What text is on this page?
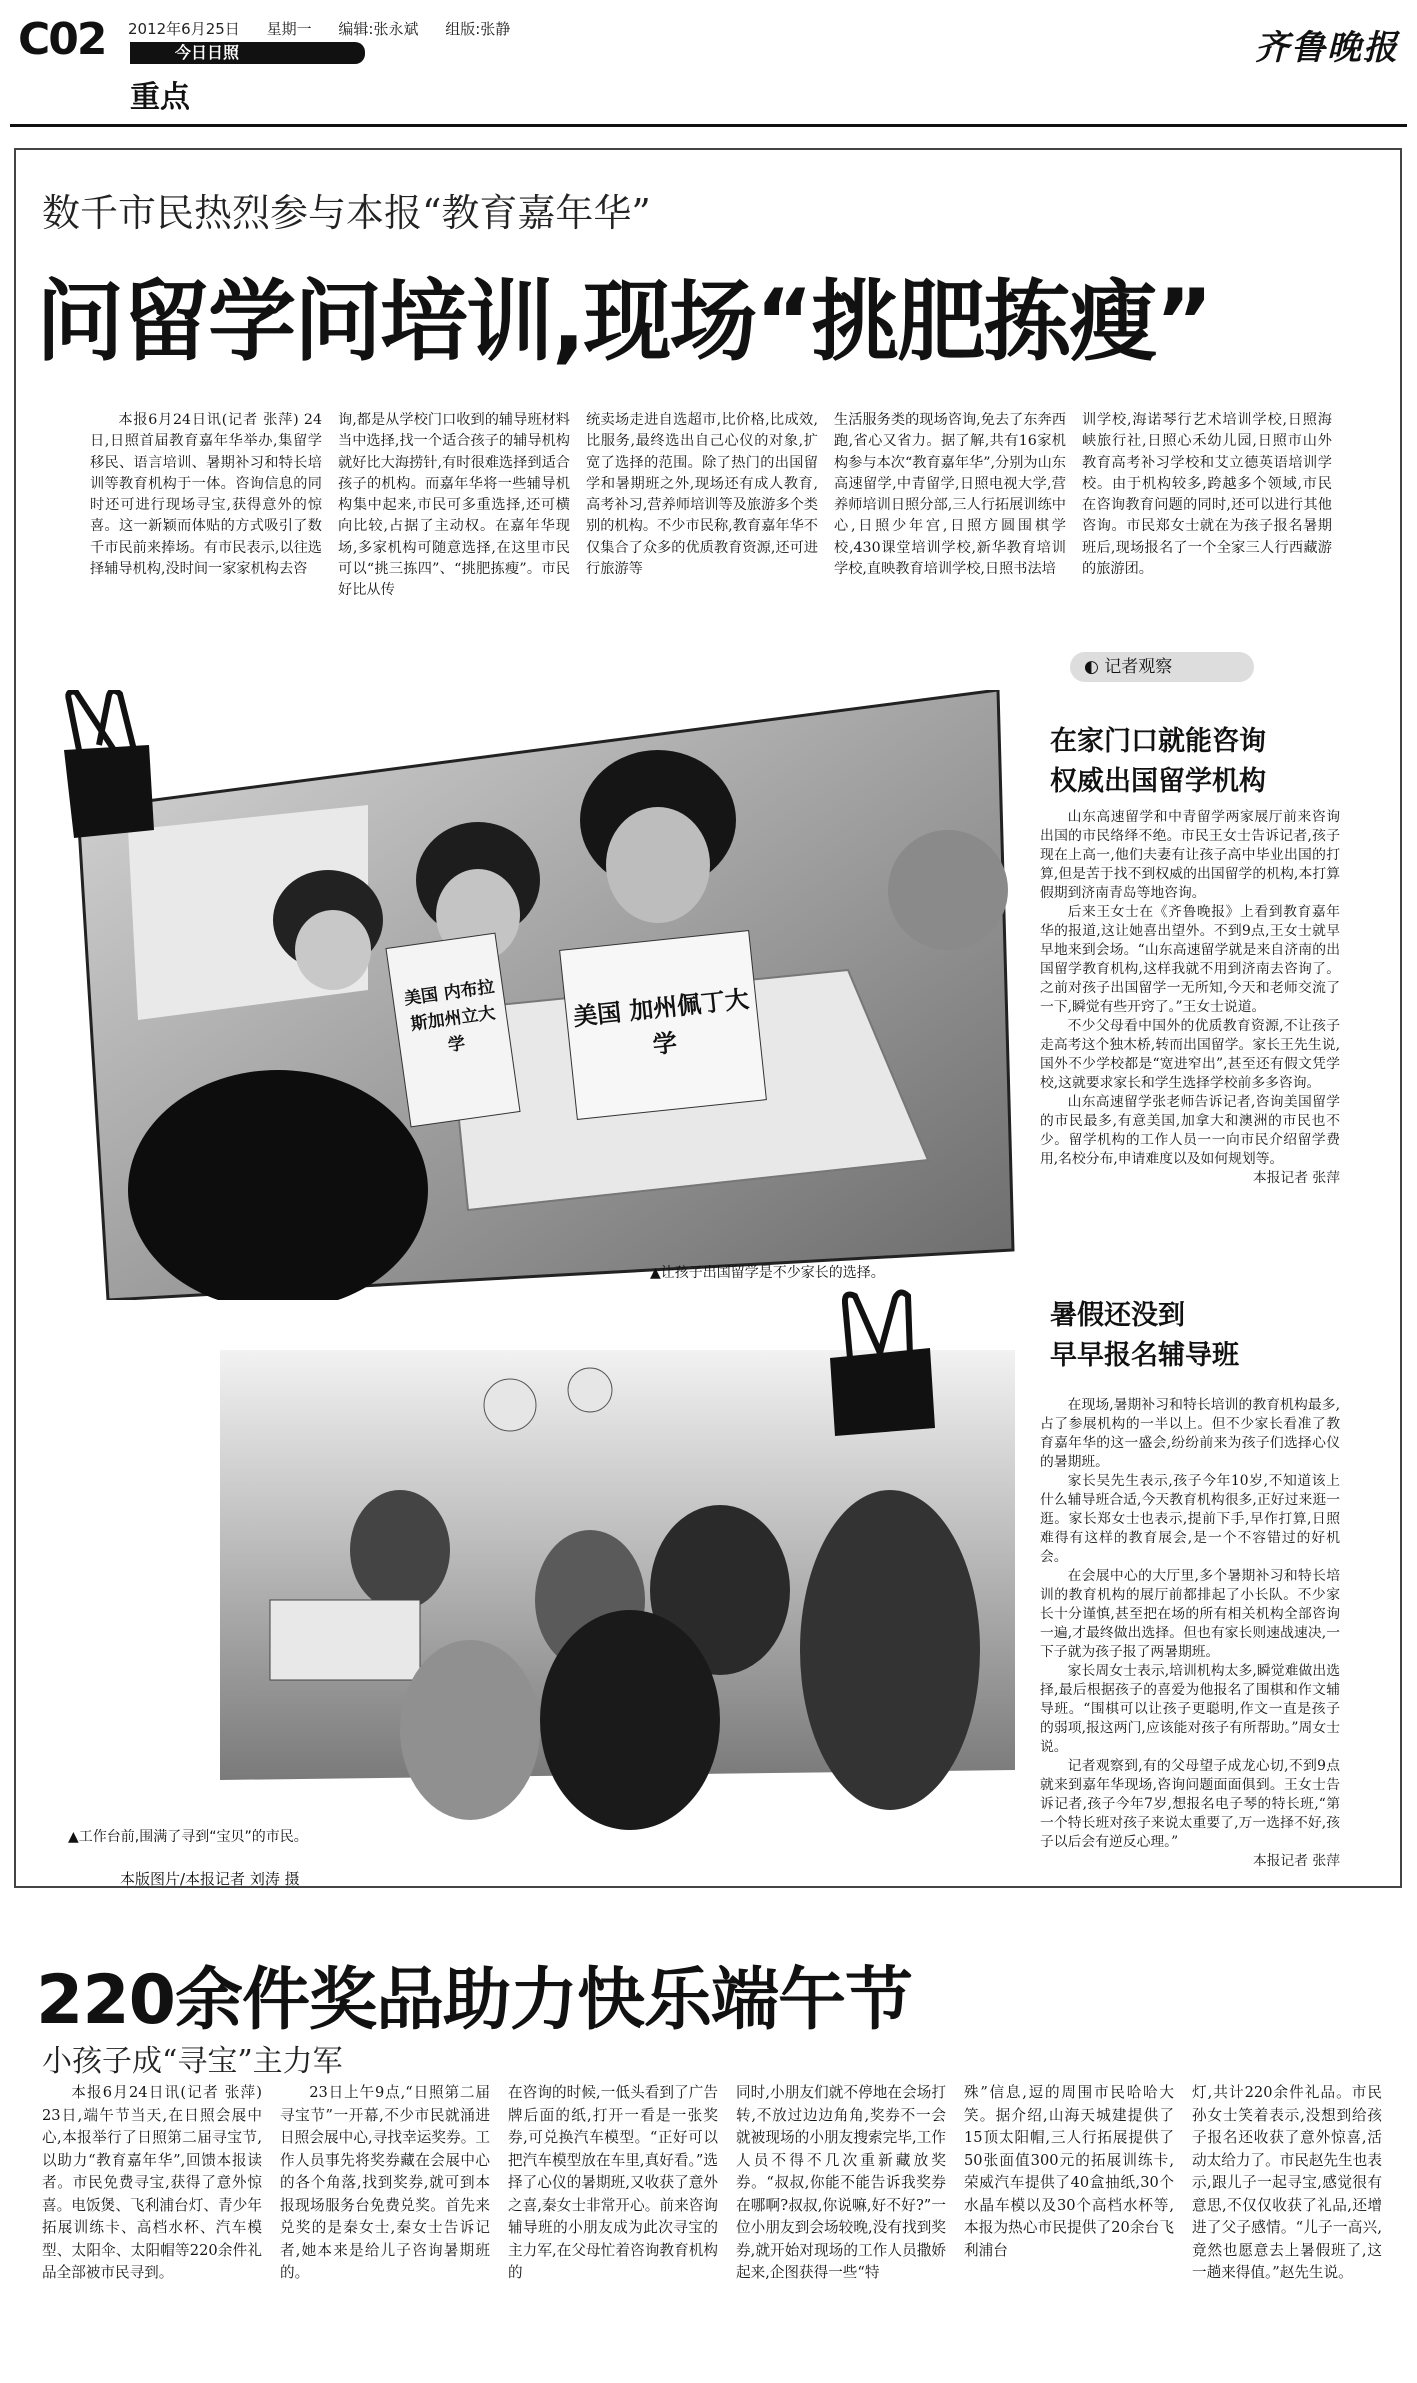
C02 2012年6月25日 星期一 编辑:张永斌 组版:张静
今日日照
重点
齐鲁晚报
数千市民热烈参与本报“教育嘉年华”
问留学问培训,现场“挑肥拣瘦”

本报6月24日讯(记者 张萍) 24日,日照首届教育嘉年华举办,集留学移民、语言培训、暑期补习和特长培训等教育机构于一体。咨询信息的同时还可进行现场寻宝,获得意外的惊喜。这一新颖而体贴的方式吸引了数千市民前来捧场。有市民表示,以往选择辅导机构,没时间一家家机构去咨

询,都是从学校门口收到的辅导班材料当中选择,找一个适合孩子的辅导机构就好比大海捞针,有时很难选择到适合孩子的机构。而嘉年华将一些辅导机构集中起来,市民可多重选择,还可横向比较,占据了主动权。在嘉年华现场,多家机构可随意选择,在这里市民可以“挑三拣四”、“挑肥拣瘦”。市民好比从传

统卖场走进自选超市,比价格,比成效,比服务,最终选出自己心仪的对象,扩宽了选择的范围。除了热门的出国留学和暑期班之外,现场还有成人教育,高考补习,营养师培训等及旅游多个类别的机构。不少市民称,教育嘉年华不仅集合了众多的优质教育资源,还可进行旅游等

生活服务类的现场咨询,免去了东奔西跑,省心又省力。据了解,共有16家机构参与本次“教育嘉年华”,分别为山东高速留学,中青留学,日照电视大学,营养师培训日照分部,三人行拓展训练中心,日照少年宫,日照方圆围棋学校,430课堂培训学校,新华教育培训学校,直映教育培训学校,日照书法培

训学校,海诺琴行艺术培训学校,日照海峡旅行社,日照心禾幼儿园,日照市山外教育高考补习学校和艾立德英语培训学校。由于机构较多,跨越多个领域,市民在咨询教育问题的同时,还可以进行其他咨询。市民郑女士就在为孩子报名暑期班后,现场报名了一个全家三人行西藏游的旅游团。

美国 内布拉斯加州立大学
美国 加州佩丁大学
▲让孩子出国留学是不少家长的选择。
▲工作台前,围满了寻到“宝贝”的市民。
本版图片/本报记者 刘涛 摄
◐ 记者观察
在家门口就能咨询
权威出国留学机构

山东高速留学和中青留学两家展厅前来咨询出国的市民络绎不绝。市民王女士告诉记者,孩子现在上高一,他们夫妻有让孩子高中毕业出国的打算,但是苦于找不到权威的出国留学的机构,本打算假期到济南青岛等地咨询。

后来王女士在《齐鲁晚报》上看到教育嘉年华的报道,这让她喜出望外。不到9点,王女士就早早地来到会场。“山东高速留学就是来自济南的出国留学教育机构,这样我就不用到济南去咨询了。之前对孩子出国留学一无所知,今天和老师交流了一下,瞬觉有些开窍了。”王女士说道。

不少父母看中国外的优质教育资源,不让孩子走高考这个独木桥,转而出国留学。家长王先生说,国外不少学校都是“宽进窄出”,甚至还有假文凭学校,这就要求家长和学生选择学校前多多咨询。

山东高速留学张老师告诉记者,咨询美国留学的市民最多,有意美国,加拿大和澳洲的市民也不少。留学机构的工作人员一一向市民介绍留学费用,名校分布,申请难度以及如何规划等。

本报记者 张萍

暑假还没到
早早报名辅导班

在现场,暑期补习和特长培训的教育机构最多,占了参展机构的一半以上。但不少家长看准了教育嘉年华的这一盛会,纷纷前来为孩子们选择心仪的暑期班。

家长吴先生表示,孩子今年10岁,不知道该上什么辅导班合适,今天教育机构很多,正好过来逛一逛。家长郑女士也表示,提前下手,早作打算,日照难得有这样的教育展会,是一个不容错过的好机会。

在会展中心的大厅里,多个暑期补习和特长培训的教育机构的展厅前都排起了小长队。不少家长十分谨慎,甚至把在场的所有相关机构全部咨询一遍,才最终做出选择。但也有家长则速战速决,一下子就为孩子报了两暑期班。

家长周女士表示,培训机构太多,瞬觉难做出选择,最后根据孩子的喜爱为他报名了围棋和作文辅导班。“围棋可以让孩子更聪明,作文一直是孩子的弱项,报这两门,应该能对孩子有所帮助。”周女士说。

记者观察到,有的父母望子成龙心切,不到9点就来到嘉年华现场,咨询问题面面俱到。王女士告诉记者,孩子今年7岁,想报名电子琴的特长班,“第一个特长班对孩子来说太重要了,万一选择不好,孩子以后会有逆反心理。”

本报记者 张萍

220余件奖品助力快乐端午节
小孩子成“寻宝”主力军

本报6月24日讯(记者 张萍) 23日,端午节当天,在日照会展中心,本报举行了日照第二届寻宝节,以助力“教育嘉年华”,回馈本报读者。市民免费寻宝,获得了意外惊喜。电饭煲、飞利浦台灯、青少年拓展训练卡、高档水杯、汽车模型、太阳伞、太阳帽等220余件礼品全部被市民寻到。

23日上午9点,“日照第二届寻宝节”一开幕,不少市民就涌进日照会展中心,寻找幸运奖券。工作人员事先将奖券藏在会展中心的各个角落,找到奖券,就可到本报现场服务台免费兑奖。首先来兑奖的是秦女士,秦女士告诉记者,她本来是给儿子咨询暑期班的。

在咨询的时候,一低头看到了广告牌后面的纸,打开一看是一张奖券,可兑换汽车模型。“正好可以把汽车模型放在车里,真好看。”选择了心仪的暑期班,又收获了意外之喜,秦女士非常开心。前来咨询辅导班的小朋友成为此次寻宝的主力军,在父母忙着咨询教育机构的

同时,小朋友们就不停地在会场打转,不放过边边角角,奖券不一会就被现场的小朋友搜索完毕,工作人员不得不几次重新藏放奖券。“叔叔,你能不能告诉我奖券在哪啊?叔叔,你说嘛,好不好?”一位小朋友到会场较晚,没有找到奖券,就开始对现场的工作人员撒娇起来,企图获得一些“特

殊”信息,逗的周围市民哈哈大笑。据介绍,山海天城建提供了15顶太阳帽,三人行拓展提供了50张面值300元的拓展训练卡,荣威汽车提供了40盒抽纸,30个水晶车模以及30个高档水杯等,本报为热心市民提供了20余台飞利浦台

灯,共计220余件礼品。市民孙女士笑着表示,没想到给孩子报名还收获了意外惊喜,活动太给力了。市民赵先生也表示,跟儿子一起寻宝,感觉很有意思,不仅仅收获了礼品,还增进了父子感情。“儿子一高兴,竟然也愿意去上暑假班了,这一趟来得值。”赵先生说。
